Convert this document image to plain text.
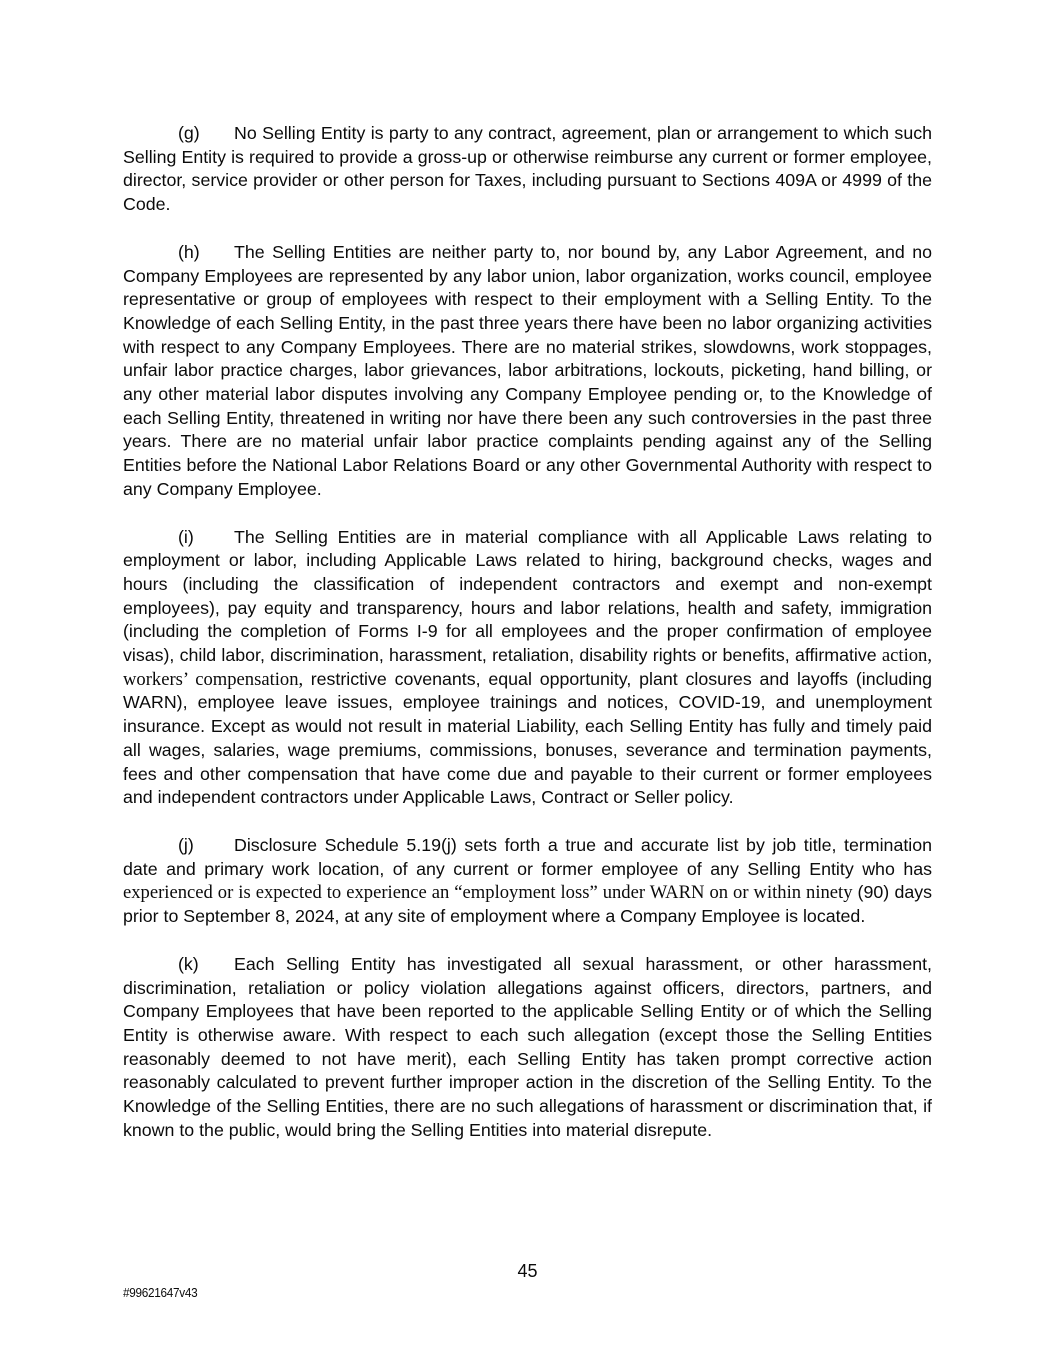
(g) No Selling Entity is party to any contract, agreement, plan or arrangement to which such Selling Entity is required to provide a gross-up or otherwise reimburse any current or former employee, director, service provider or other person for Taxes, including pursuant to Sections 409A or 4999 of the Code.

(h) The Selling Entities are neither party to, nor bound by, any Labor Agreement, and no Company Employees are represented by any labor union, labor organization, works council, employee representative or group of employees with respect to their employment with a Selling Entity. To the Knowledge of each Selling Entity, in the past three years there have been no labor organizing activities with respect to any Company Employees. There are no material strikes, slowdowns, work stoppages, unfair labor practice charges, labor grievances, labor arbitrations, lockouts, picketing, hand billing, or any other material labor disputes involving any Company Employee pending or, to the Knowledge of each Selling Entity, threatened in writing nor have there been any such controversies in the past three years. There are no material unfair labor practice complaints pending against any of the Selling Entities before the National Labor Relations Board or any other Governmental Authority with respect to any Company Employee.

(i) The Selling Entities are in material compliance with all Applicable Laws relating to employment or labor, including Applicable Laws related to hiring, background checks, wages and hours (including the classification of independent contractors and exempt and non-exempt employees), pay equity and transparency, hours and labor relations, health and safety, immigration (including the completion of Forms I-9 for all employees and the proper confirmation of employee visas), child labor, discrimination, harassment, retaliation, disability rights or benefits, affirmative action, workers’ compensation, restrictive covenants, equal opportunity, plant closures and layoffs (including WARN), employee leave issues, employee trainings and notices, COVID-19, and unemployment insurance. Except as would not result in material Liability, each Selling Entity has fully and timely paid all wages, salaries, wage premiums, commissions, bonuses, severance and termination payments, fees and other compensation that have come due and payable to their current or former employees and independent contractors under Applicable Laws, Contract or Seller policy.

(j) Disclosure Schedule 5.19(j) sets forth a true and accurate list by job title, termination date and primary work location, of any current or former employee of any Selling Entity who has experienced or is expected to experience an “employment loss” under WARN on or within ninety (90) days prior to September 8, 2024, at any site of employment where a Company Employee is located.

(k) Each Selling Entity has investigated all sexual harassment, or other harassment, discrimination, retaliation or policy violation allegations against officers, directors, partners, and Company Employees that have been reported to the applicable Selling Entity or of which the Selling Entity is otherwise aware. With respect to each such allegation (except those the Selling Entities reasonably deemed to not have merit), each Selling Entity has taken prompt corrective action reasonably calculated to prevent further improper action in the discretion of the Selling Entity. To the Knowledge of the Selling Entities, there are no such allegations of harassment or discrimination that, if known to the public, would bring the Selling Entities into material disrepute.

45
#99621647v43
